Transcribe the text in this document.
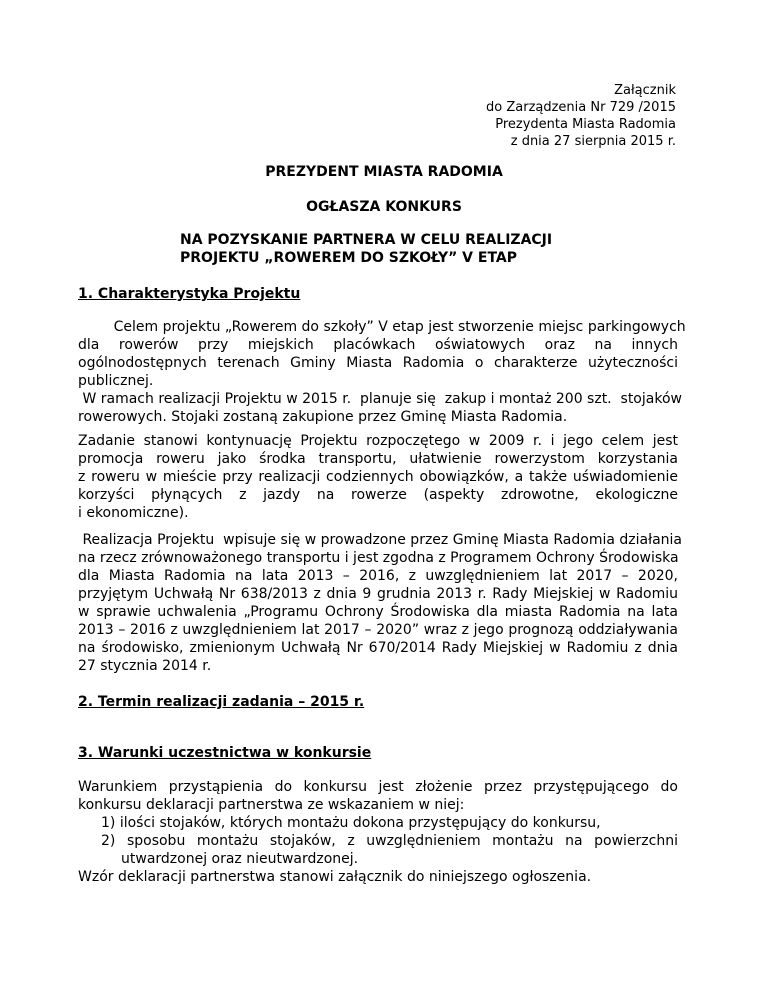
Załącznik
do Zarządzenia Nr 729 /2015
Prezydenta Miasta Radomia
z dnia 27 sierpnia 2015 r.
PREZYDENT MIASTA RADOMIA
OGŁASZA KONKURS
NA POZYSKANIE PARTNERA W CELU REALIZACJI
PROJEKTU „ROWEREM DO SZKOŁY” V ETAP
1. Charakterystyka Projektu
Celem projektu „Rowerem do szkoły” V etap jest stworzenie miejsc parkingowych
dla rowerów przy miejskich placówkach oświatowych oraz na innych
ogólnodostępnych terenach Gminy Miasta Radomia o charakterze użyteczności
publicznej.
W ramach realizacji Projektu w 2015 r.  planuje się  zakup i montaż 200 szt.  stojaków
rowerowych. Stojaki zostaną zakupione przez Gminę Miasta Radomia.
Zadanie stanowi kontynuację Projektu rozpoczętego w 2009 r. i jego celem jest
promocja roweru jako środka transportu, ułatwienie rowerzystom korzystania
z roweru w mieście przy realizacji codziennych obowiązków, a także uświadomienie
korzyści płynących z jazdy na rowerze (aspekty zdrowotne, ekologiczne
i ekonomiczne).
Realizacja Projektu  wpisuje się w prowadzone przez Gminę Miasta Radomia działania
na rzecz zrównoważonego transportu i jest zgodna z Programem Ochrony Środowiska
dla Miasta Radomia na lata 2013 – 2016, z uwzględnieniem lat 2017 – 2020,
przyjętym Uchwałą Nr 638/2013 z dnia 9 grudnia 2013 r. Rady Miejskiej w Radomiu
w sprawie uchwalenia „Programu Ochrony Środowiska dla miasta Radomia na lata
2013 – 2016 z uwzględnieniem lat 2017 – 2020” wraz z jego prognozą oddziaływania
na środowisko, zmienionym Uchwałą Nr 670/2014 Rady Miejskiej w Radomiu z dnia
27 stycznia 2014 r.
2. Termin realizacji zadania – 2015 r.
3. Warunki uczestnictwa w konkursie
Warunkiem przystąpienia do konkursu jest złożenie przez przystępującego do
konkursu deklaracji partnerstwa ze wskazaniem w niej:
1) ilości stojaków, których montażu dokona przystępujący do konkursu,
2) sposobu montażu stojaków, z uwzględnieniem montażu na powierzchni
utwardzonej oraz nieutwardzonej.
Wzór deklaracji partnerstwa stanowi załącznik do niniejszego ogłoszenia.
